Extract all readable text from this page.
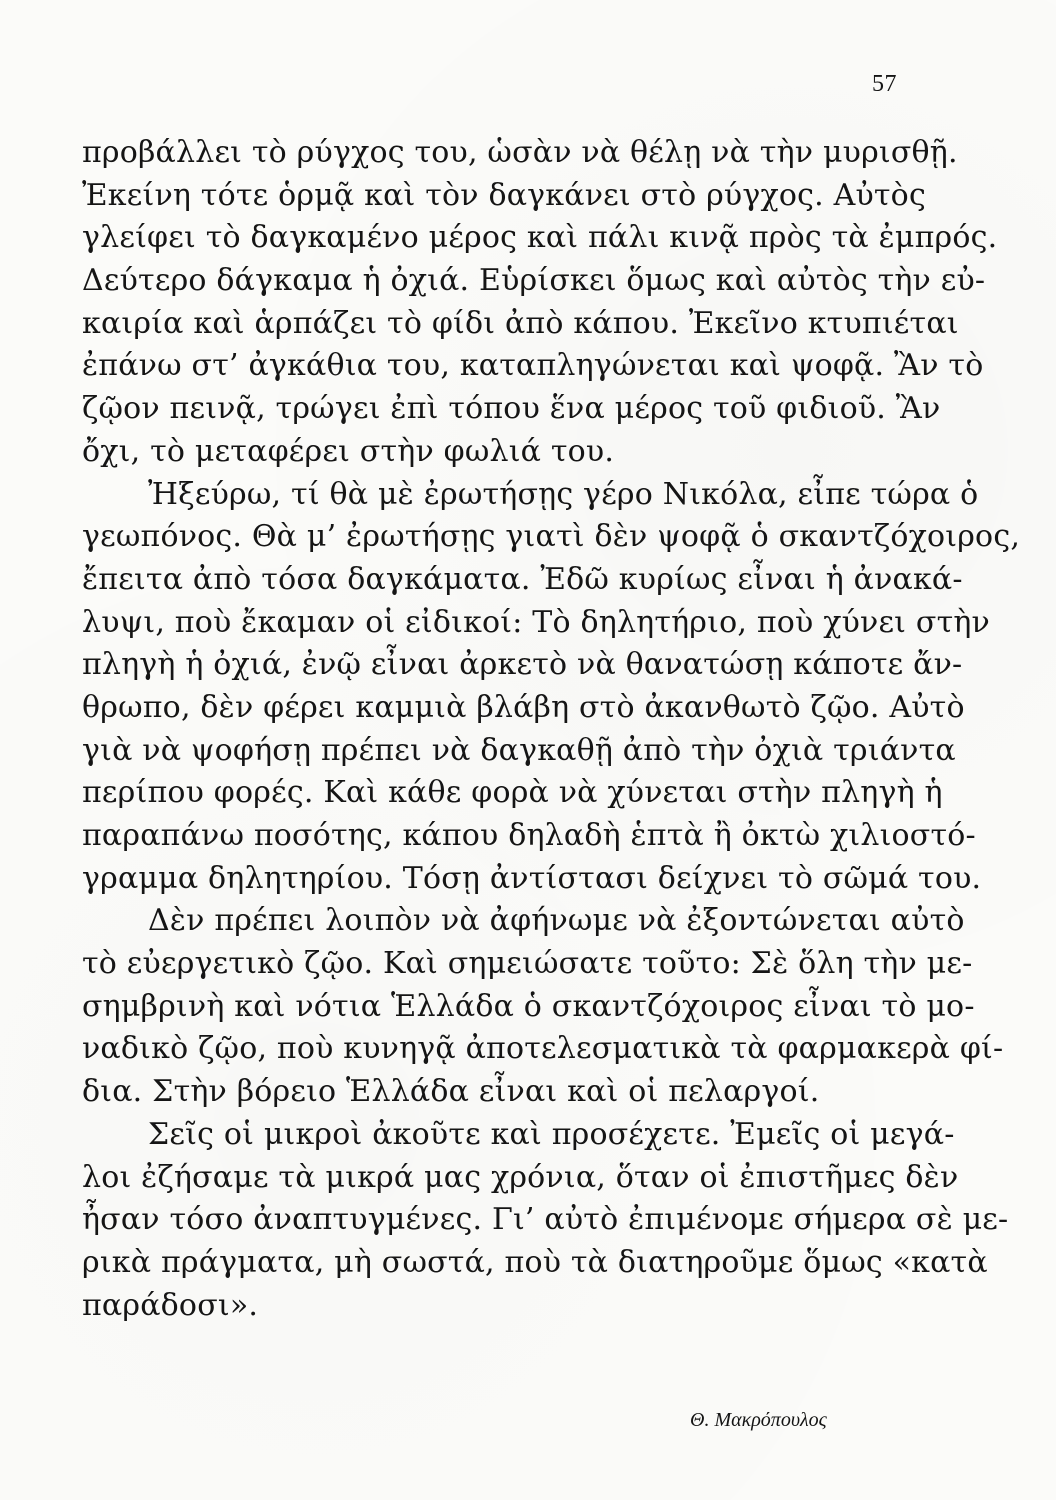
57
προβάλλει τὸ ρύγχος του, ὡσὰν νὰ θέλῃ νὰ τὴν μυρισθῇ.
Ἐκείνη τότε ὁρμᾷ καὶ τὸν δαγκάνει στὸ ρύγχος. Αὐτὸς
γλείφει τὸ δαγκαμένο μέρος καὶ πάλι κινᾷ πρὸς τὰ ἐμπρός.
Δεύτερο δάγκαμα ἡ ὀχιά. Εὑρίσκει ὅμως καὶ αὐτὸς τὴν εὐ-
καιρία καὶ ἁρπάζει τὸ φίδι ἀπὸ κάπου. Ἐκεῖνο κτυπιέται
ἐπάνω στ’ ἀγκάθια του, καταπληγώνεται καὶ ψοφᾷ. Ἂν τὸ
ζῷον πεινᾷ, τρώγει ἐπὶ τόπου ἕνα μέρος τοῦ φιδιοῦ. Ἂν
ὄχι, τὸ μεταφέρει στὴν φωλιά του.
Ἠξεύρω, τί θὰ μὲ ἐρωτήσῃς γέρο Νικόλα, εἶπε τώρα ὁ
γεωπόνος. Θὰ μ’ ἐρωτήσῃς γιατὶ δὲν ψοφᾷ ὁ σκαντζόχοιρος,
ἔπειτα ἀπὸ τόσα δαγκάματα. Ἐδῶ κυρίως εἶναι ἡ ἀνακά-
λυψι, ποὺ ἔκαμαν οἱ εἰδικοί: Τὸ δηλητήριο, ποὺ χύνει στὴν
πληγὴ ἡ ὀχιά, ἐνῷ εἶναι ἀρκετὸ νὰ θανατώσῃ κάποτε ἄν-
θρωπο, δὲν φέρει καμμιὰ βλάβη στὸ ἀκανθωτὸ ζῷο. Αὐτὸ
γιὰ νὰ ψοφήσῃ πρέπει νὰ δαγκαθῇ ἀπὸ τὴν ὀχιὰ τριάντα
περίπου φορές. Καὶ κάθε φορὰ νὰ χύνεται στὴν πληγὴ ἡ
παραπάνω ποσότης, κάπου δηλαδὴ ἑπτὰ ἢ ὀκτὼ χιλιοστό-
γραμμα δηλητηρίου. Τόσῃ ἀντίστασι δείχνει τὸ σῶμά του.
Δὲν πρέπει λοιπὸν νὰ ἀφήνωμε νὰ ἐξοντώνεται αὐτὸ
τὸ εὐεργετικὸ ζῷο. Καὶ σημειώσατε τοῦτο: Σὲ ὅλη τὴν με-
σημβρινὴ καὶ νότια Ἑλλάδα ὁ σκαντζόχοιρος εἶναι τὸ μο-
ναδικὸ ζῷο, ποὺ κυνηγᾷ ἀποτελεσματικὰ τὰ φαρμακερὰ φί-
δια. Στὴν βόρειο Ἑλλάδα εἶναι καὶ οἱ πελαργοί.
Σεῖς οἱ μικροὶ ἀκοῦτε καὶ προσέχετε. Ἐμεῖς οἱ μεγά-
λοι ἐζήσαμε τὰ μικρά μας χρόνια, ὅταν οἱ ἐπιστῆμες δὲν
ἦσαν τόσο ἀναπτυγμένες. Γι’ αὐτὸ ἐπιμένομε σήμερα σὲ με-
ρικὰ πράγματα, μὴ σωστά, ποὺ τὰ διατηροῦμε ὅμως «κατὰ
παράδοσι».
Θ. Μακρόπουλος
